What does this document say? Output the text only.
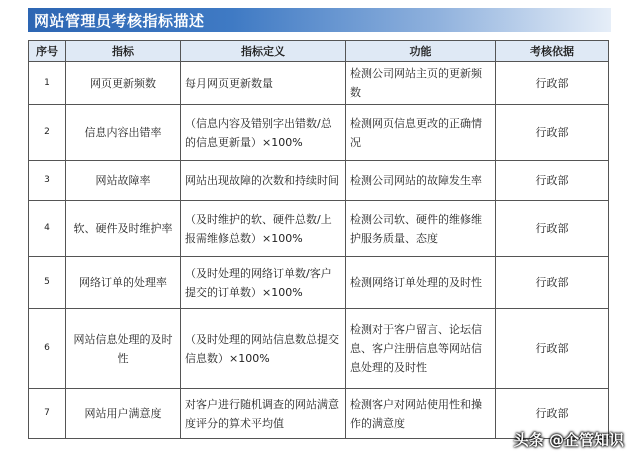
网站管理员考核指标描述
序号	指标	指标定义	功能	考核依据
1	网页更新频数	每月网页更新数量	检测公司网站主页的更新频数	行政部
2	信息内容出错率	（信息内容及错别字出错数/总的信息更新量）×100%	检测网页信息更改的正确情况	行政部
3	网站故障率	网站出现故障的次数和持续时间	检测公司网站的故障发生率	行政部
4	软、硬件及时维护率	（及时维护的软、硬件总数/上报需维修总数）×100%	检测公司软、硬件的维修维护服务质量、态度	行政部
5	网络订单的处理率	（及时处理的网络订单数/客户提交的订单数）×100%	检测网络订单处理的及时性	行政部
6	网站信息处理的及时性	（及时处理的网站信息数总提交信息数）×100%	检测对于客户留言、论坛信息、客户注册信息等网站信息处理的及时性	行政部
7	网站用户满意度	对客户进行随机调查的网站满意度评分的算术平均值	检测客户对网站使用性和操作的满意度	行政部
头条 @企管知识
